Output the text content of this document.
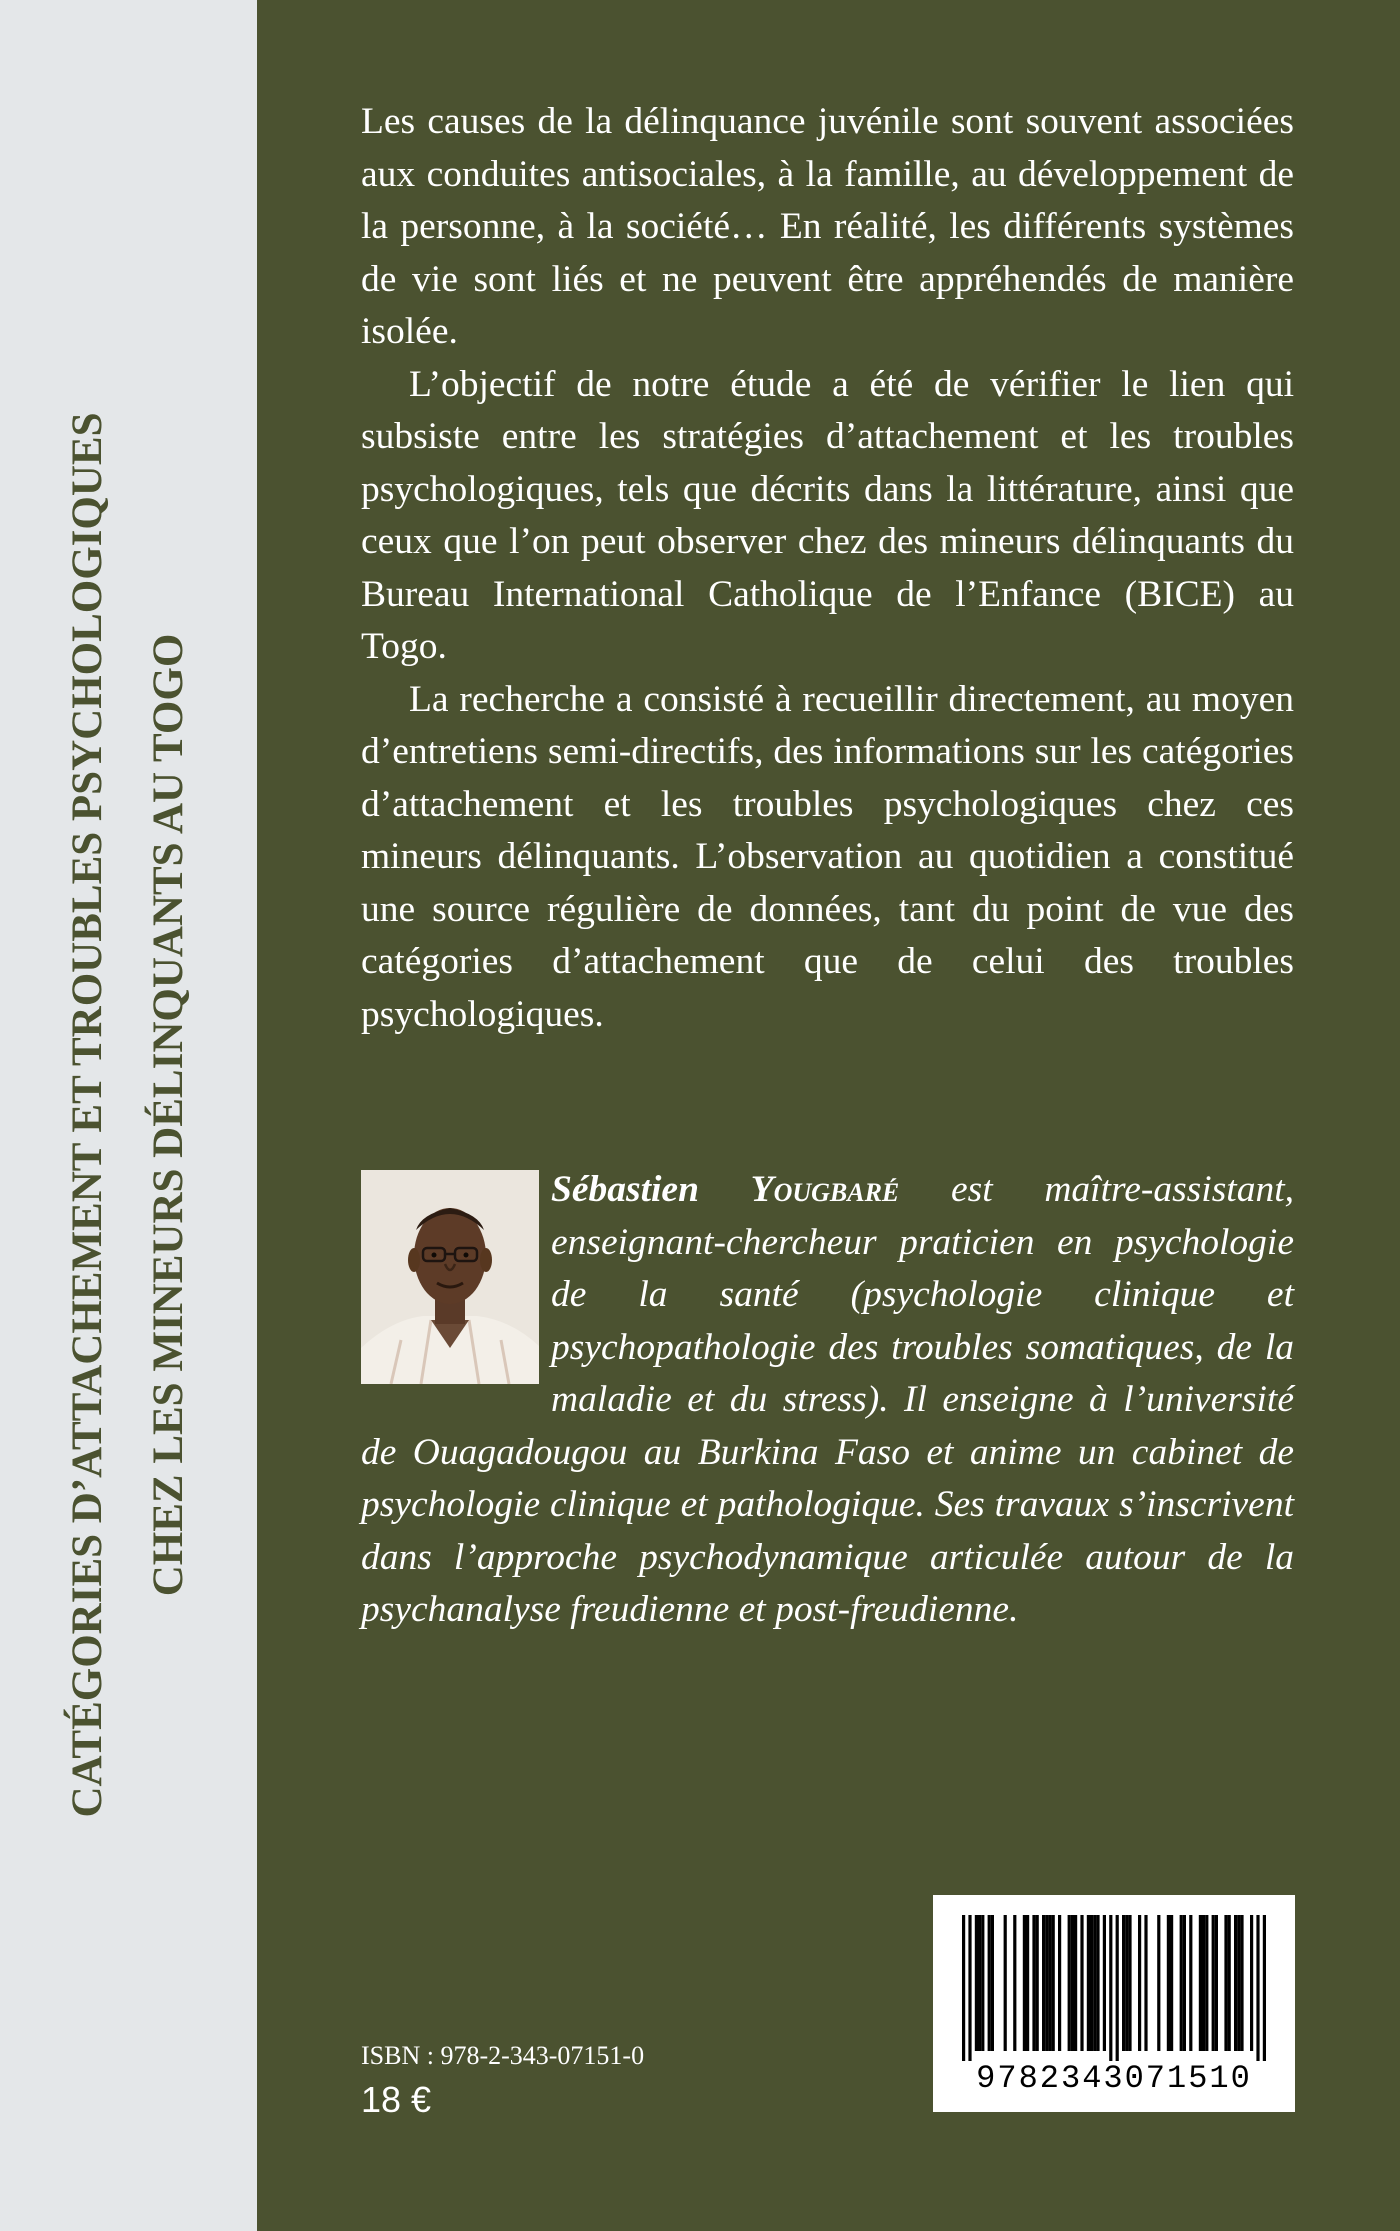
CATÉGORIES D’ATTACHEMENT ET TROUBLES PSYCHOLOGIQUES CHEZ LES MINEURS DÉLINQUANTS AU TOGO

Les causes de la délinquance juvénile sont souvent associées aux conduites antisociales, à la famille, au développement de la personne, à la société… En réalité, les différents systèmes de vie sont liés et ne peuvent être appréhendés de manière isolée.

L’objectif de notre étude a été de vérifier le lien qui subsiste entre les stratégies d’attachement et les troubles psychologiques, tels que décrits dans la littérature, ainsi que ceux que l’on peut observer chez des mineurs délinquants du Bureau International Catholique de l’Enfance (BICE) au Togo.

La recherche a consisté à recueillir directement, au moyen d’entretiens semi-directifs, des informations sur les catégories d’attachement et les troubles psychologiques chez ces mineurs délinquants. L’observation au quotidien a constitué une source régulière de données, tant du point de vue des catégories d’attachement que de celui des troubles psychologiques.

Sébastien Yougbaré est maître-assistant, enseignant-chercheur praticien en psychologie de la santé (psychologie clinique et psychopathologie des troubles somatiques, de la maladie et du stress). Il enseigne à l’université de Ouagadougou au Burkina Faso et anime un cabinet de psychologie clinique et pathologique. Ses travaux s’inscrivent dans l’approche psychodynamique articulée autour de la psychanalyse freudienne et post-freudienne.
ISBN : 978-2-343-07151-0
18 €
9782343071510
